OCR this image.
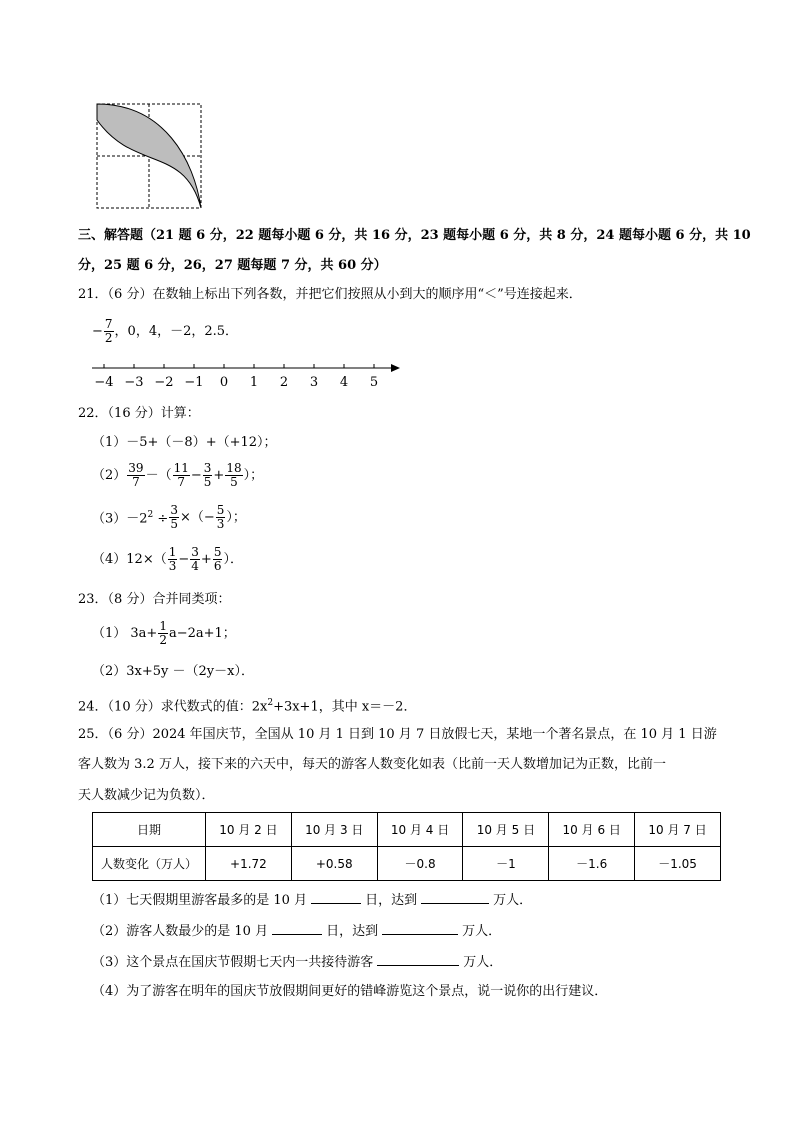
三、解答题（21 题 6 分，22 题每小题 6 分，共 16 分，23 题每小题 6 分，共 8 分，24 题每小题 6 分，共 10
分，25 题 6 分，26，27 题每题 7 分，共 60 分）
21．（6 分）在数轴上标出下列各数，并把它们按照从小到大的顺序用“＜”号连接起来．
− $\frac{7}{2}$ ，0，4，－2，2.5．
−4 −3 −2 −1 0 1 2 3 4 5
22．（16 分）计算：
（1）－5+（－8）+（+12）；
$(2) \frac{39}{7}$ －（ $\frac{11}{7} - \frac{3}{5} + \frac{18}{5}$ ）；
$(3)-2^2 \div \frac{3}{5}$ ×（− $\frac{5}{3}$ ）；
$(4)12\times( \frac{1}{3} - \frac{3}{4} + \frac{5}{6}$ ）．
23．（8 分）合并同类项：
（1） $3a+ \frac{1}{2} a-2a+1$；
（2）3x+5y －（2y－x）．
24．（10 分）求代数式的值：$2x^2+3x+1$，其中 x＝－2．
25．（6 分）2024 年国庆节，全国从 10 月 1 日到 10 月 7 日放假七天，某地一个著名景点，在 10 月 1 日游
客人数为 3.2 万人，接下来的六天中，每天的游客人数变化如表（比前一天人数增加记为正数，比前一
天人数减少记为负数）．
日期	10 月 2 日	10 月 3 日	10 月 4 日	10 月 5 日	10 月 6 日	10 月 7 日
人数变化（万人）	+1.72	+0.58	－0.8	－1	－1.6	－1.05
（1）七天假期里游客最多的是 10 月	日，达到	万人．
（2）游客人数最少的是 10 月	日，达到	万人．
（3）这个景点在国庆节假期七天内一共接待游客	万人．
（4）为了游客在明年的国庆节放假期间更好的错峰游览这个景点，说一说你的出行建议．
